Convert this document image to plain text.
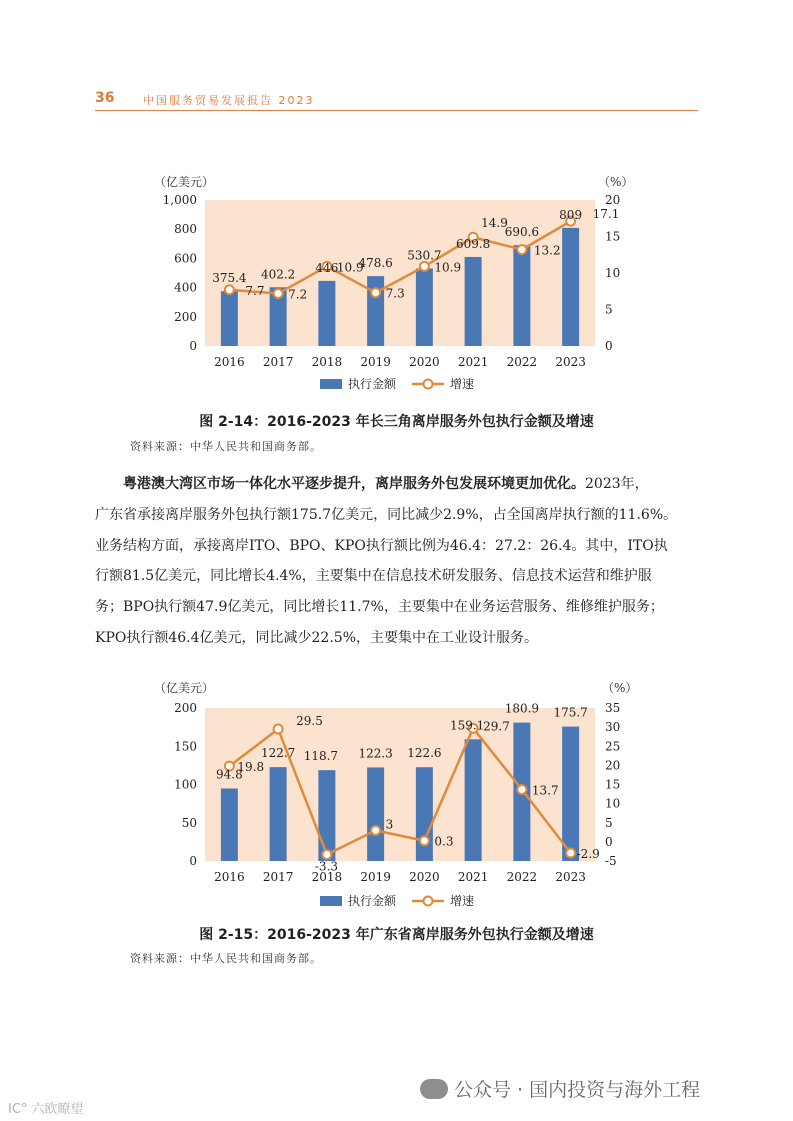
36	中国服务贸易发展报告 2023
（亿美元）	（%）
0
200
400
600
800
1,000
0
5
10
15
20
2016 2017 2018 2019 2020 2021 2022 2023
375.4 402.2 446 478.6
530.7
609.8
690.6
809
7.7 7.2
10.9
7.3
10.9
14.9
13.2
17.1
执行金额	增速
图 2-14：2016-2023 年长三角离岸服务外包执行金额及增速
资料来源：中华人民共和国商务部。
粤港澳大湾区市场一体化水平逐步提升，离岸服务外包发展环境更加优化。2023年，
广东省承接离岸服务外包执行额175.7亿美元，同比减少2.9%，占全国离岸执行额的11.6%。
业务结构方面，承接离岸ITO、BPO、KPO执行额比例为46.4：27.2：26.4。其中，ITO执
行额81.5亿美元，同比增长4.4%，主要集中在信息技术研发服务、信息技术运营和维护服
务；BPO执行额47.9亿美元，同比增长11.7%，主要集中在业务运营服务、维修维护服务；
KPO执行额46.4亿美元，同比减少22.5%，主要集中在工业设计服务。
（亿美元）	（%）
0
50
100
150
200
-5
0
5
10
15
20
25
30
35
2016 2017 2018 2019 2020 2021 2022 2023
94.8
122.7 118.7 122.3 122.6
159.1
180.9 175.7
19.8
29.5
-3.3
3
0.3
29.7
13.7
-2.9
执行金额	增速
图 2-15：2016-2023 年广东省离岸服务外包执行金额及增速
资料来源：中华人民共和国商务部。
公众号 · 国内投资与海外工程
IC° 六欧瞭望
